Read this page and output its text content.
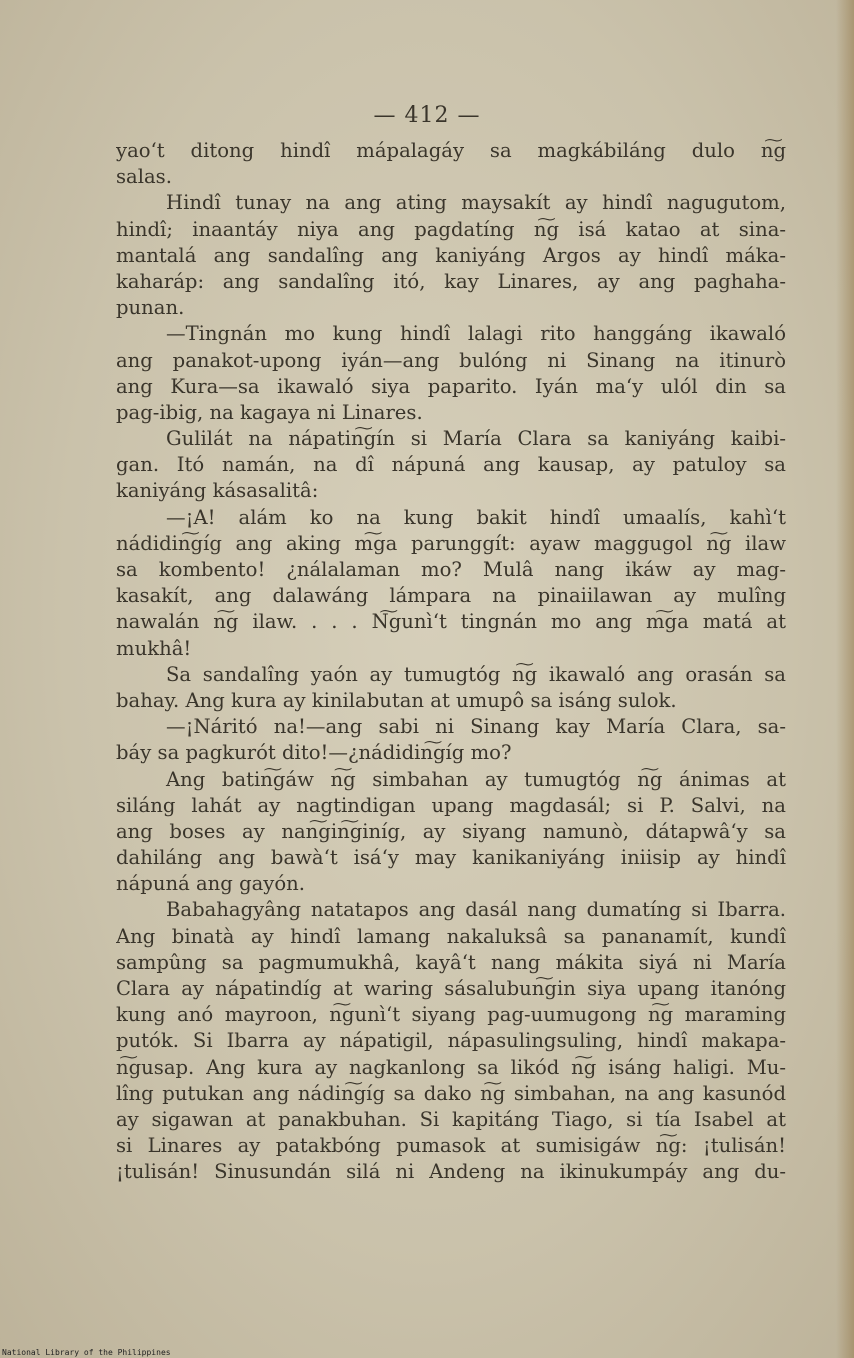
— 412 —
yao‘t ditong hindî mápalagáy sa magkábiláng dulo n͠g
salas.
Hindî tunay na ang ating maysakít ay hindî nagugutom,
hindî; inaantáy niya ang pagdatíng n͠g isá katao at sina-
mantalá ang sandalîng ang kaniyáng Argos ay hindî máka-
kaharáp: ang sandalîng itó, kay Linares, ay ang paghaha-
punan.
—Tingnán mo kung hindî lalagi rito hanggáng ikawaló
ang panakot-upong iyán—ang bulóng ni Sinang na itinurò
ang Kura—sa ikawaló siya paparito. Iyán ma‘y ulól din sa
pag-ibig, na kagaya ni Linares.
Gulilát na nápatin͠gín si María Clara sa kaniyáng kaibi-
gan. Itó namán, na dî nápuná ang kausap, ay patuloy sa
kaniyáng kásasalitâ:
—¡A! alám ko na kung bakit hindî umaalís, kahì‘t
nádidin͠gíg ang aking m͠ga parunggít: ayaw maggugol n͠g ilaw
sa kombento! ¿nálalaman mo? Mulâ nang ikáw ay mag-
kasakít, ang dalawáng lámpara na pinaiilawan ay mulîng
nawalán n͠g ilaw. . . . N͠gunì‘t tingnán mo ang m͠ga matá at
mukhâ!
Sa sandalîng yaón ay tumugtóg n͠g ikawaló ang orasán sa
bahay. Ang kura ay kinilabutan at umupô sa isáng sulok.
—¡Náritó na!—ang sabi ni Sinang kay María Clara, sa-
báy sa pagkurót dito!—¿nádidin͠gíg mo?
Ang batin͠gáw n͠g simbahan ay tumugtóg n͠g ánimas at
siláng lahát ay nagtindigan upang magdasál; si P. Salvi, na
ang boses ay nan͠gin͠giníg, ay siyang namunò, dátapwâ‘y sa
dahiláng ang bawà‘t isá‘y may kanikaniyáng iniisip ay hindî
nápuná ang gayón.
Babahagyâng natatapos ang dasál nang dumatíng si Ibarra.
Ang binatà ay hindî lamang nakaluksâ sa pananamít, kundî
sampûng sa pagmumukhâ, kayâ‘t nang mákita siyá ni María
Clara ay nápatindíg at waring sásalubun͠gin siya upang itanóng
kung anó mayroon, n͠gunì‘t siyang pag-uumugong n͠g maraming
putók. Si Ibarra ay nápatigil, nápasulingsuling, hindî makapa-
n͠gusap. Ang kura ay nagkanlong sa likód n͠g isáng haligi. Mu-
lîng putukan ang nádin͠gíg sa dako n͠g simbahan, na ang kasunód
ay sigawan at panakbuhan. Si kapitáng Tiago, si tía Isabel at
si Linares ay patakbóng pumasok at sumisigáw n͠g: ¡tulisán!
¡tulisán! Sinusundán silá ni Andeng na ikinukumpáy ang du-
National Library of the Philippines
